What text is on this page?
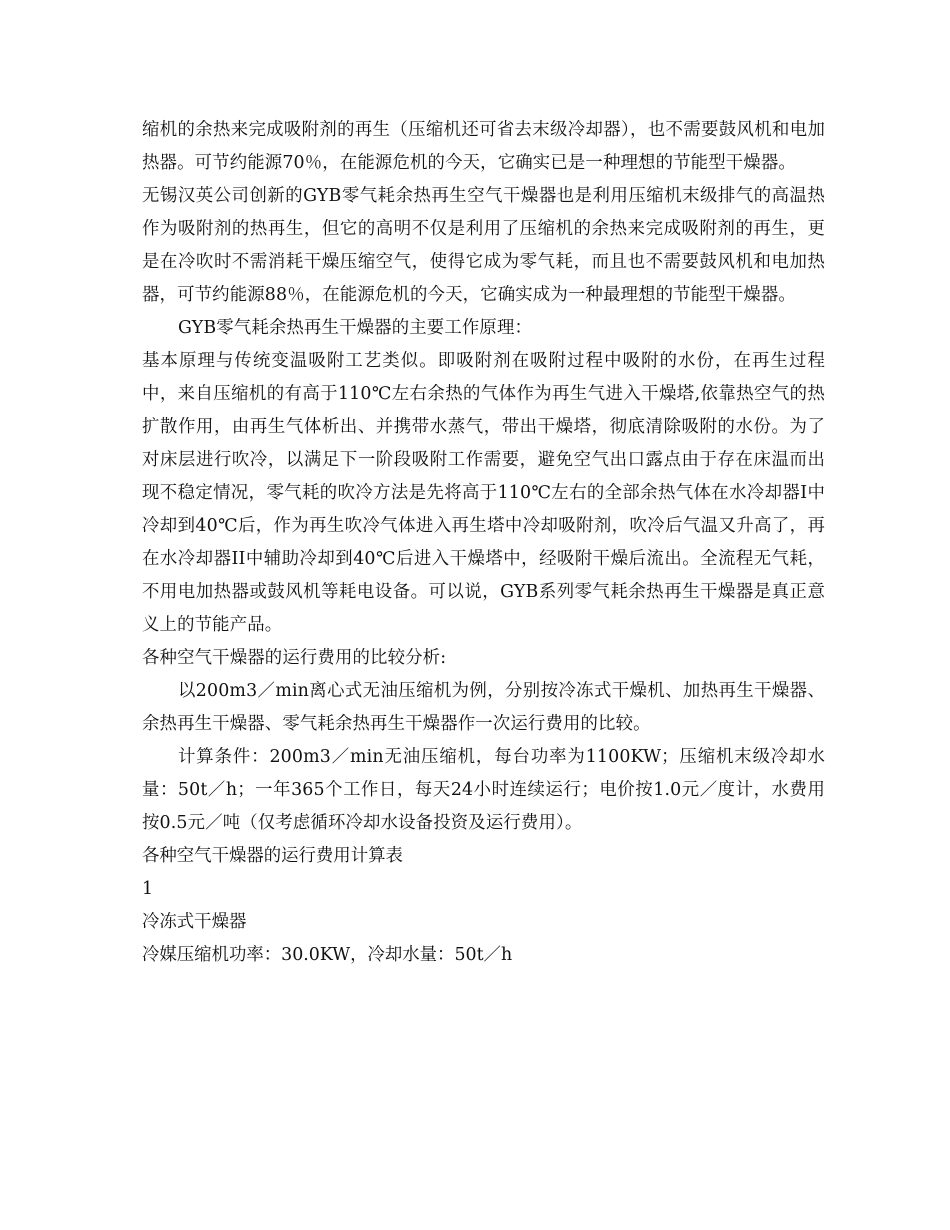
缩机的余热来完成吸附剂的再生（压缩机还可省去末级冷却器），也不需要鼓风机和电加热器。可节约能源70％，在能源危机的今天，它确实已是一种理想的节能型干燥器。

无锡汉英公司创新的GYB零气耗余热再生空气干燥器也是利用压缩机末级排气的高温热作为吸附剂的热再生，但它的高明不仅是利用了压缩机的余热来完成吸附剂的再生，更是在冷吹时不需消耗干燥压缩空气，使得它成为零气耗，而且也不需要鼓风机和电加热器，可节约能源88％，在能源危机的今天，它确实成为一种最理想的节能型干燥器。

GYB零气耗余热再生干燥器的主要工作原理：

基本原理与传统变温吸附工艺类似。即吸附剂在吸附过程中吸附的水份，在再生过程中，来自压缩机的有高于110℃左右余热的气体作为再生气进入干燥塔,依靠热空气的热扩散作用，由再生气体析出、并携带水蒸气，带出干燥塔，彻底清除吸附的水份。为了对床层进行吹冷，以满足下一阶段吸附工作需要，避免空气出口露点由于存在床温而出现不稳定情况，零气耗的吹冷方法是先将高于110℃左右的全部余热气体在水冷却器I中冷却到40℃后，作为再生吹冷气体进入再生塔中冷却吸附剂，吹冷后气温又升高了，再在水冷却器II中辅助冷却到40℃后进入干燥塔中，经吸附干燥后流出。全流程无气耗，不用电加热器或鼓风机等耗电设备。可以说，GYB系列零气耗余热再生干燥器是真正意义上的节能产品。

各种空气干燥器的运行费用的比较分析:

以200m3／min离心式无油压缩机为例，分别按冷冻式干燥机、加热再生干燥器、余热再生干燥器、零气耗余热再生干燥器作一次运行费用的比较。

计算条件：200m3／min无油压缩机，每台功率为1100KW；压缩机末级冷却水量：50t／h；一年365个工作日，每天24小时连续运行；电价按1.0元／度计，水费用按0.5元／吨（仅考虑循环冷却水设备投资及运行费用）。

各种空气干燥器的运行费用计算表

1

冷冻式干燥器

冷媒压缩机功率：30.0KW，冷却水量：50t／h
